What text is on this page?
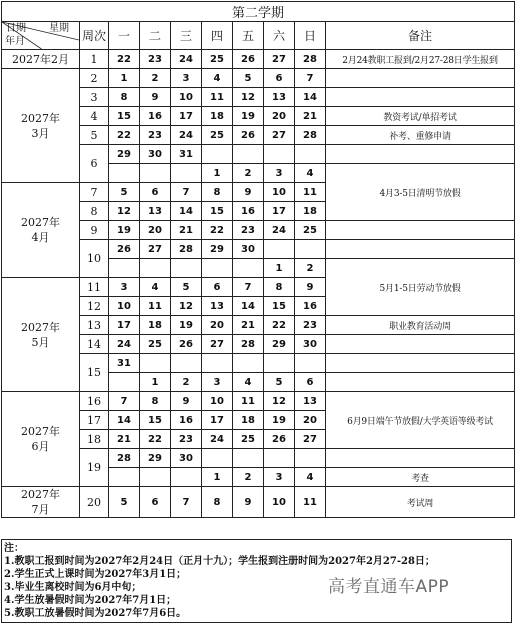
第二学期									

星期
日期
年月	周次	一	二	三	四	五	六	日	备注
2027年2月	1	22	23	24	25	26	27	28	2月24教职工报到/2月27-28日学生报到
2027年
3月	2	1	2	3	4	5	6	7	
	3	8	9	10	11	12	13	14	
	4	15	16	17	18	19	20	21	教资考试/单招考试
	5	22	23	24	25	26	27	28	补考、重修申请
	6	29	30	31					
					1	2	3	4	4月3-5日清明节放假
2027年
4月	7	5	6	7	8	9	10	11	
	8	12	13	14	15	16	17	18	
	9	19	20	21	22	23	24	25	
	10	26	27	28	29	30			
							1	2	5月1-5日劳动节放假
2027年
5月	11	3	4	5	6	7	8	9	
	12	10	11	12	13	14	15	16	
	13	17	18	19	20	21	22	23	职业教育活动周
	14	24	25	26	27	28	29	30	
	15	31							
			1	2	3	4	5	6	
2027年
6月	16	7	8	9	10	11	12	13	6月9日端午节放假/大学英语等级考试
	17	14	15	16	17	18	19	20	
	18	21	22	23	24	25	26	27	
	19	28	29	30					
					1	2	3	4	考查
2027年
7月	20	5	6	7	8	9	10	11	考试周
注：
1.教职工报到时间为2027年2月24日（正月十九）；学生报到注册时间为2027年2月27-28日；
2.学生正式上课时间为2027年3月1日；
3.毕业生离校时间为6月中旬；
4.学生放暑假时间为2027年7月1日；
5.教职工放暑假时间为2027年7月6日。
高考直通车APP
